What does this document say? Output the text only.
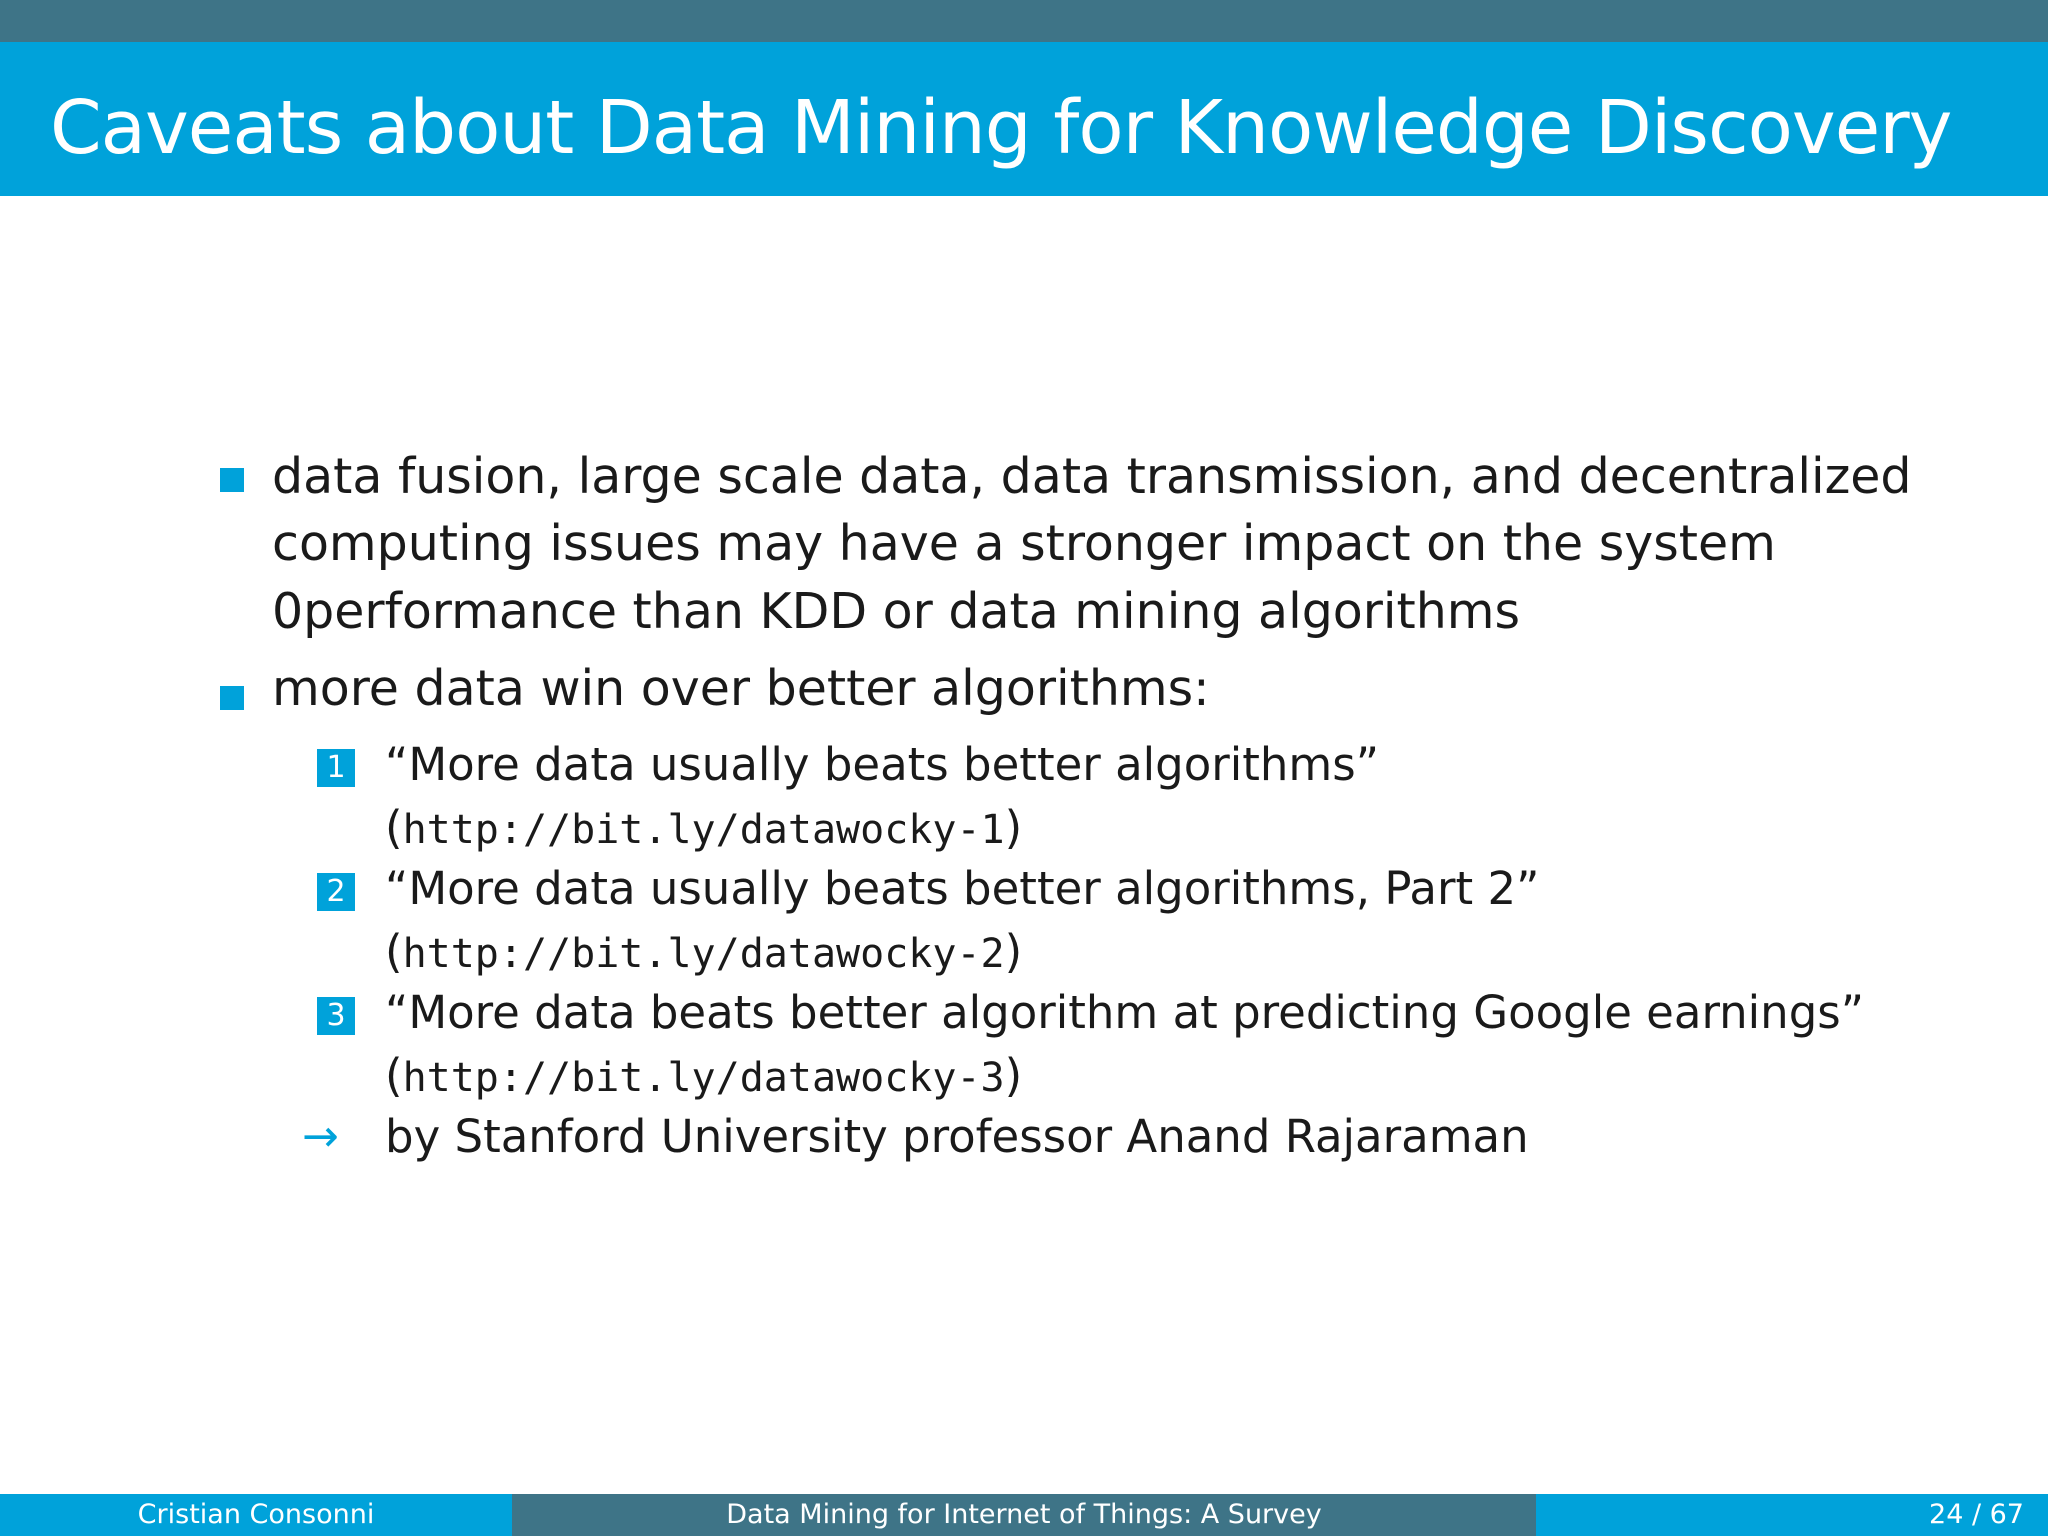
Caveats about Data Mining for Knowledge Discovery
data fusion, large scale data, data transmission, and decentralized
computing issues may have a stronger impact on the system
0performance than KDD or data mining algorithms
more data win over better algorithms:
1 “More data usually beats better algorithms”
(http://bit.ly/datawocky-1)
2 “More data usually beats better algorithms, Part 2”
(http://bit.ly/datawocky-2)
3 “More data beats better algorithm at predicting Google earnings”
(http://bit.ly/datawocky-3)
→ by Stanford University professor Anand Rajaraman
Cristian Consonni	Data Mining for Internet of Things: A Survey	24 / 67
